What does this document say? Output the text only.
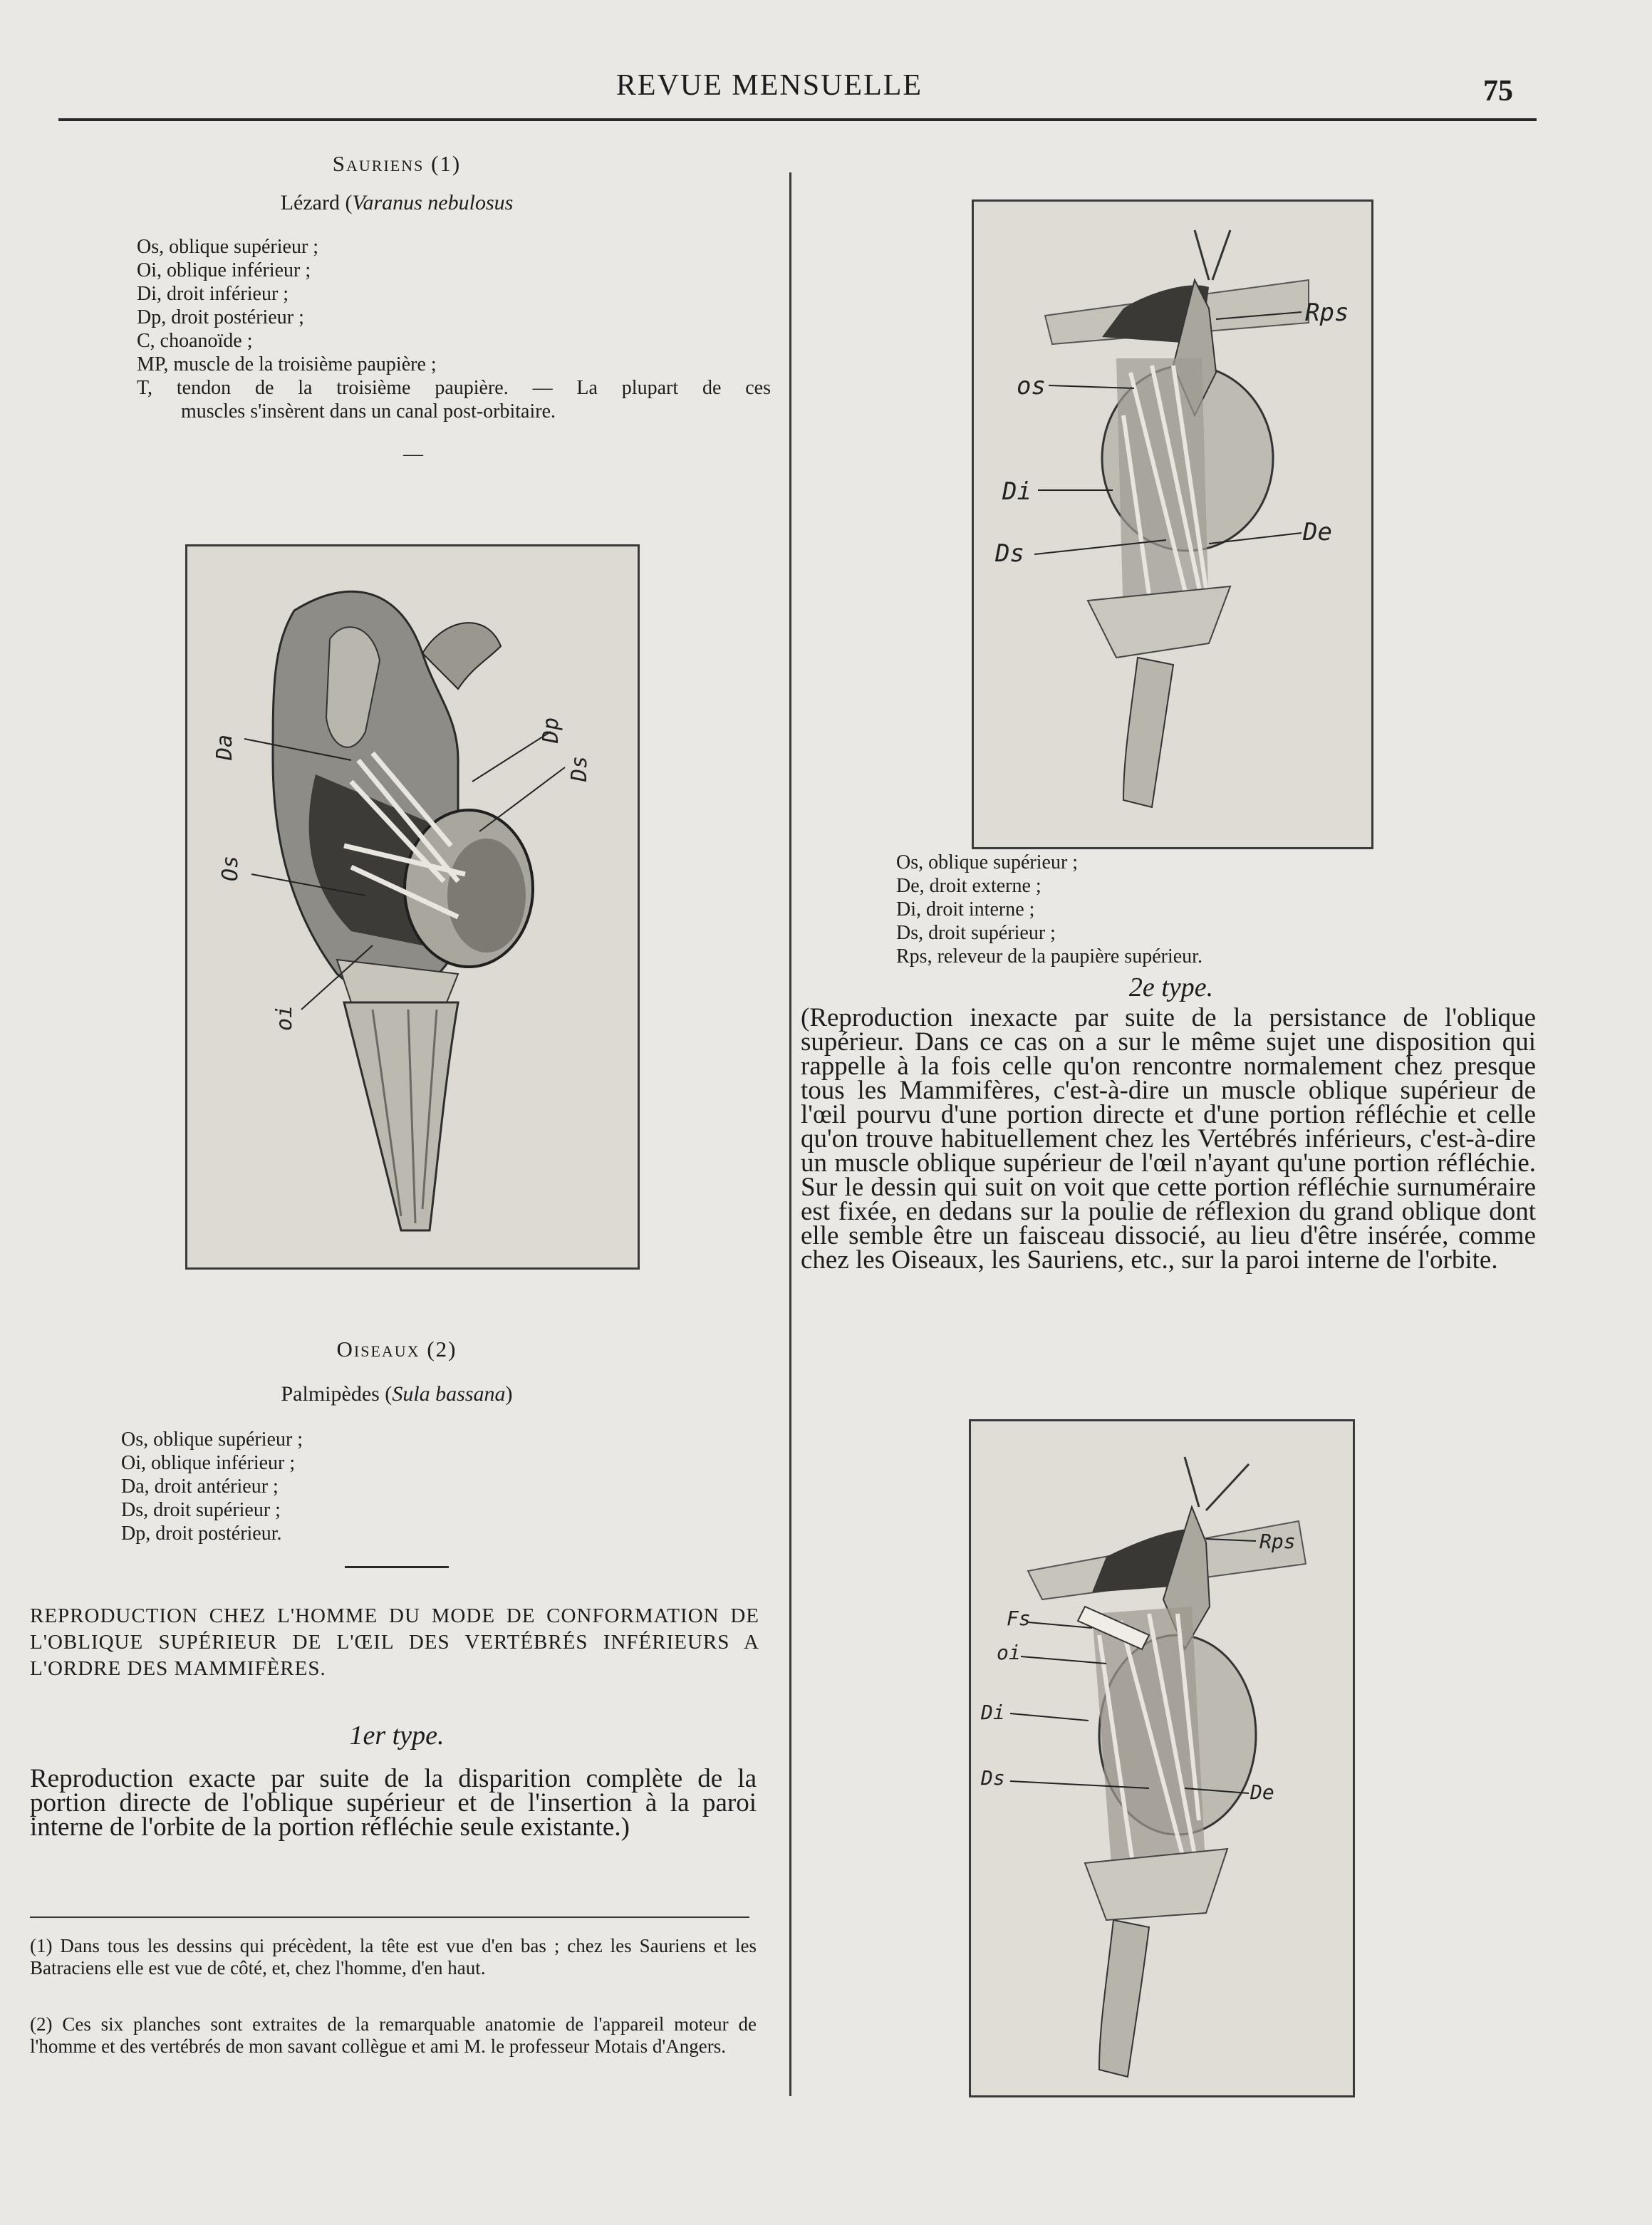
REVUE MENSUELLE	75
Sauriens (1)
Lézard (Varanus nebulosus
Os, oblique supérieur ;
Oi, oblique inférieur ;
Di, droit inférieur ;
Dp, droit postérieur ;
C, choanoïde ;
MP, muscle de la troisième paupière ;
T, tendon de la troisième paupière. — La plupart de ces
muscles s'insèrent dans un canal post-orbitaire.
—
Da
Dp
Ds
Os
oi
Oiseaux (2)
Palmipèdes (Sula bassana)
Os, oblique supérieur ;
Oi, oblique inférieur ;
Da, droit antérieur ;
Ds, droit supérieur ;
Dp, droit postérieur.
REPRODUCTION CHEZ L'HOMME DU MODE DE CONFORMATION DE L'OBLIQUE SUPÉRIEUR DE L'ŒIL DES VERTÉBRÉS INFÉRIEURS A L'ORDRE DES MAMMIFÈRES.
1er type.
Reproduction exacte par suite de la disparition complète de la portion directe de l'oblique supérieur et de l'insertion à la paroi interne de l'orbite de la portion réfléchie seule existante.)
(1) Dans tous les dessins qui précèdent, la tête est vue d'en bas ; chez les Sauriens et les Batraciens elle est vue de côté, et, chez l'homme, d'en haut.
(2) Ces six planches sont extraites de la remarquable anatomie de l'appareil moteur de l'homme et des vertébrés de mon savant collègue et ami M. le professeur Motais d'Angers.
Rps
os
Di
Ds
De
Os, oblique supérieur ;
De, droit externe ;
Di, droit interne ;
Ds, droit supérieur ;
Rps, releveur de la paupière supérieur.
2e type.
(Reproduction inexacte par suite de la persistance de l'oblique supérieur. Dans ce cas on a sur le même sujet une disposition qui rappelle à la fois celle qu'on rencontre normalement chez presque tous les Mammifères, c'est-à-dire un muscle oblique supérieur de l'œil pourvu d'une portion directe et d'une portion réfléchie et celle qu'on trouve habituellement chez les Vertébrés inférieurs, c'est-à-dire un muscle oblique supérieur de l'œil n'ayant qu'une portion réfléchie. Sur le dessin qui suit on voit que cette portion réfléchie surnuméraire est fixée, en dedans sur la poulie de réflexion du grand oblique dont elle semble être un faisceau dissocié, au lieu d'être insérée, comme chez les Oiseaux, les Sauriens, etc., sur la paroi interne de l'orbite.
Rps
Fs
oi
Di
Ds
De
